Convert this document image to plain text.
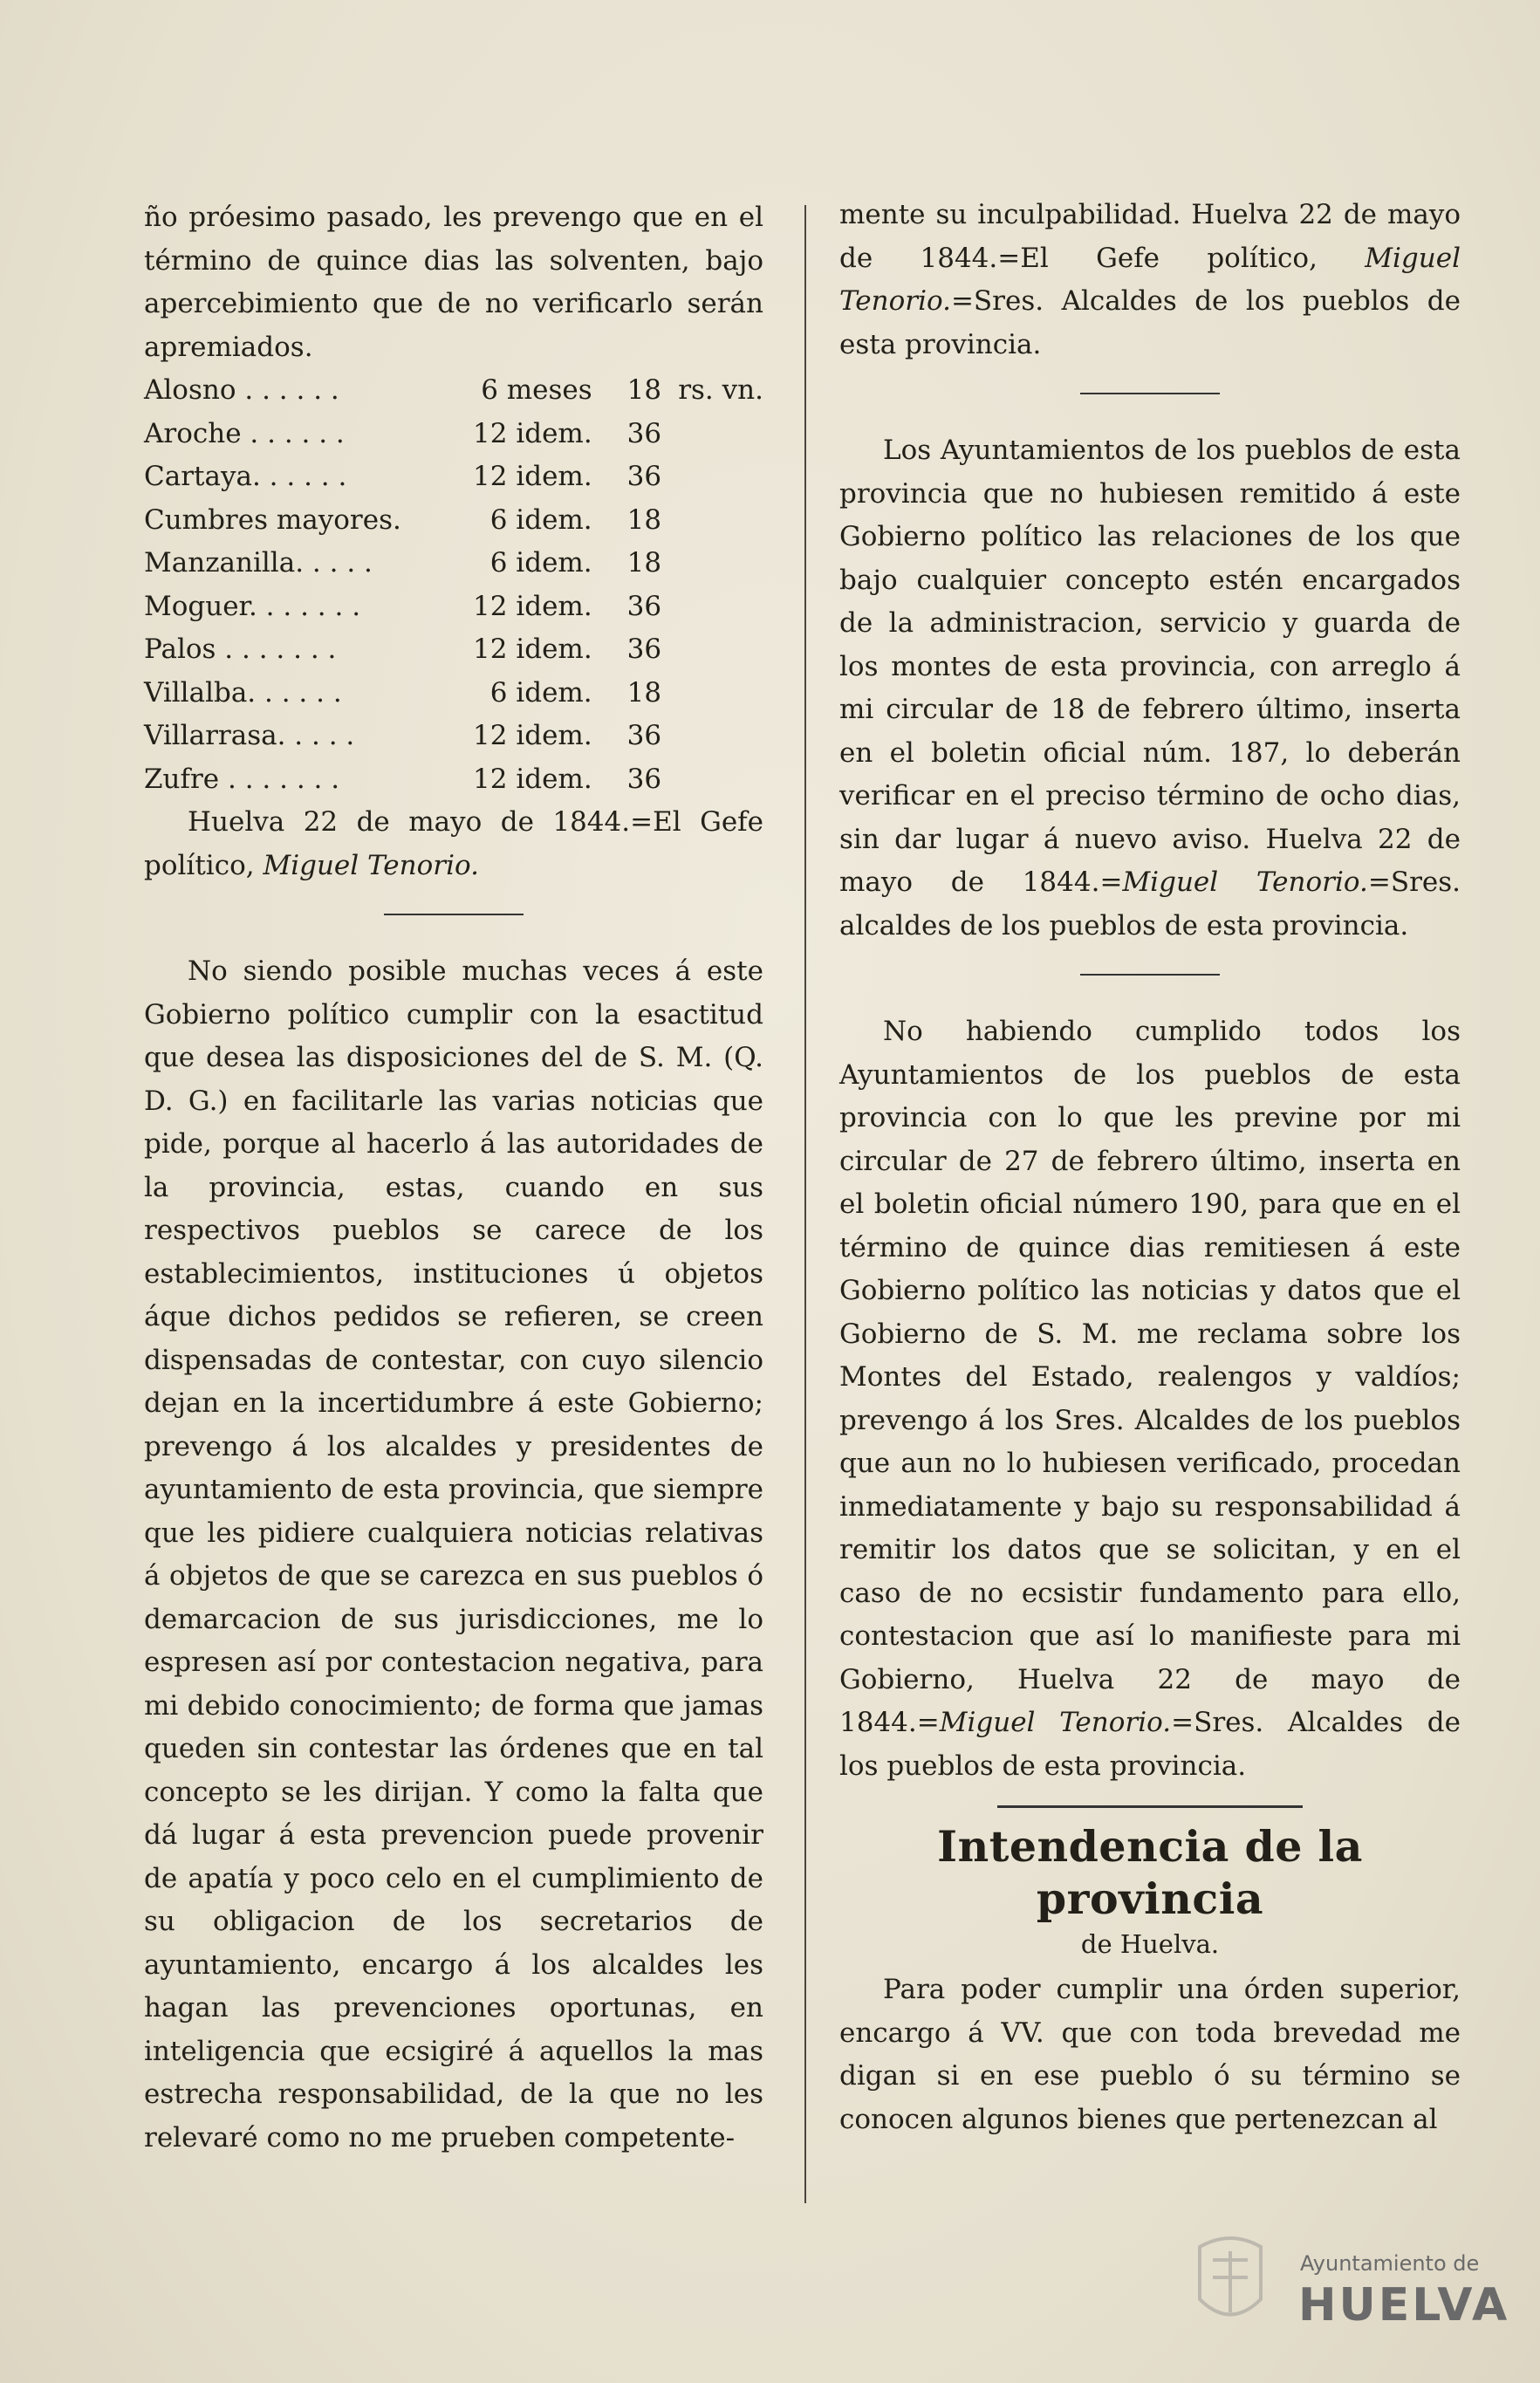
ño próesimo pasado, les prevengo que en el término de quince dias las solventen, bajo apercebimiento que de no verificarlo serán apremiados.

Alosno . . . . . .	6 meses	18	rs. vn.
Aroche . . . . . .	12 idem.	36	
Cartaya. . . . . .	12 idem.	36	
Cumbres mayores.	6 idem.	18	
Manzanilla. . . . .	6 idem.	18	
Moguer. . . . . . .	12 idem.	36	
Palos . . . . . . .	12 idem.	36	
Villalba. . . . . .	6 idem.	18	
Villarrasa. . . . .	12 idem.	36	
Zufre . . . . . . .	12 idem.	36	

Huelva 22 de mayo de 1844.=El Gefe político, Miguel Tenorio.

No siendo posible muchas veces á este Gobierno político cumplir con la esactitud que desea las disposiciones del de S. M. (Q. D. G.) en facilitarle las varias noticias que pide, porque al hacerlo á las autoridades de la provincia, estas, cuando en sus respectivos pueblos se carece de los establecimientos, instituciones ú objetos áque dichos pedidos se refieren, se creen dispensadas de contestar, con cuyo silencio dejan en la incertidumbre á este Gobierno; prevengo á los alcaldes y presidentes de ayuntamiento de esta provincia, que siempre que les pidiere cualquiera noticias relativas á objetos de que se carezca en sus pueblos ó demarcacion de sus jurisdicciones, me lo espresen así por contestacion negativa, para mi debido conocimiento; de forma que jamas queden sin contestar las órdenes que en tal concepto se les dirijan. Y como la falta que dá lugar á esta prevencion puede provenir de apatía y poco celo en el cumplimiento de su obligacion de los secretarios de ayuntamiento, encargo á los alcaldes les hagan las prevenciones oportunas, en inteligencia que ecsigiré á aquellos la mas estrecha responsabilidad, de la que no les relevaré como no me prueben competente-

mente su inculpabilidad. Huelva 22 de mayo de 1844.=El Gefe político, Miguel Tenorio.=Sres. Alcaldes de los pueblos de esta provincia.

Los Ayuntamientos de los pueblos de esta provincia que no hubiesen remitido á este Gobierno político las relaciones de los que bajo cualquier concepto estén encargados de la administracion, servicio y guarda de los montes de esta provincia, con arreglo á mi circular de 18 de febrero último, inserta en el boletin oficial núm. 187, lo deberán verificar en el preciso término de ocho dias, sin dar lugar á nuevo aviso. Huelva 22 de mayo de 1844.=Miguel Tenorio.=Sres. alcaldes de los pueblos de esta provincia.

No habiendo cumplido todos los Ayuntamientos de los pueblos de esta provincia con lo que les previne por mi circular de 27 de febrero último, inserta en el boletin oficial número 190, para que en el término de quince dias remitiesen á este Gobierno político las noticias y datos que el Gobierno de S. M. me reclama sobre los Montes del Estado, realengos y valdíos; prevengo á los Sres. Alcaldes de los pueblos que aun no lo hubiesen verificado, procedan inmediatamente y bajo su responsabilidad á remitir los datos que se solicitan, y en el caso de no ecsistir fundamento para ello, contestacion que así lo manifieste para mi Gobierno, Huelva 22 de mayo de 1844.=Miguel Tenorio.=Sres. Alcaldes de los pueblos de esta provincia.

Intendencia de la provincia
de Huelva.

Para poder cumplir una órden superior, encargo á VV. que con toda brevedad me digan si en ese pueblo ó su término se conocen algunos bienes que pertenezcan al

Ayuntamiento de
HUELVA
